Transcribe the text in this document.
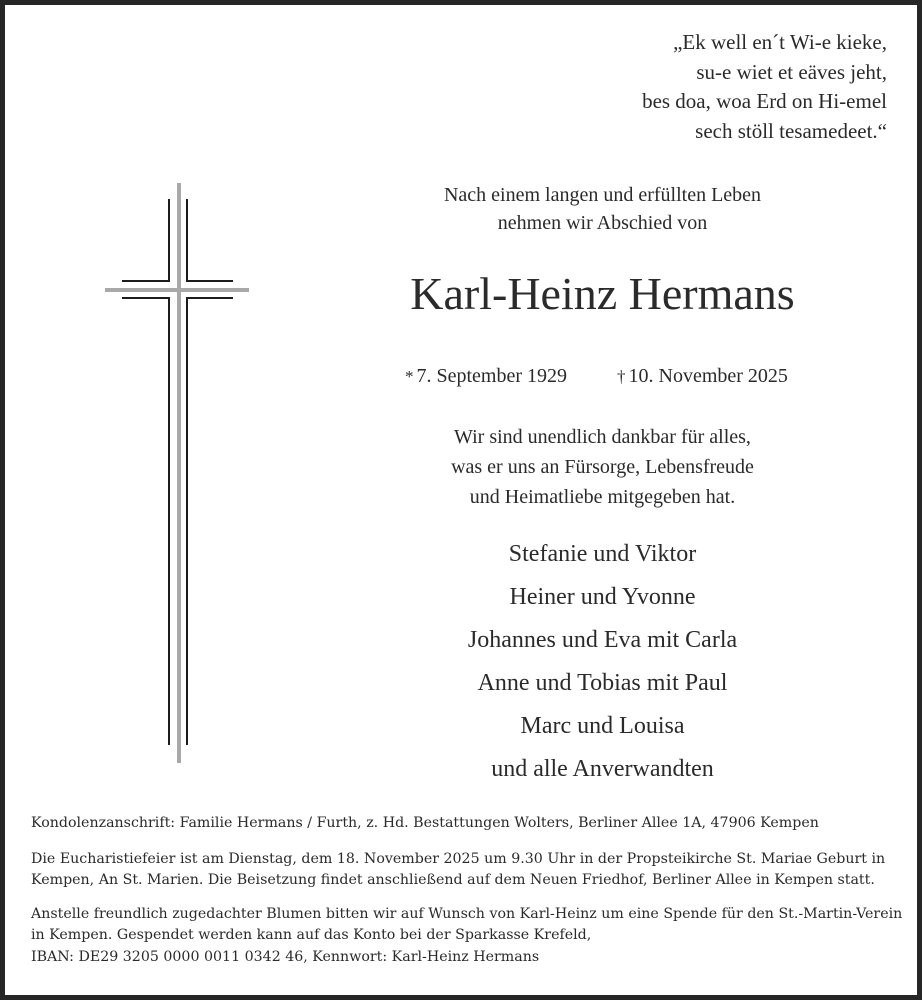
„Ek well en´t Wi-e kieke,
su-e wiet et eäves jeht,
bes doa, woa Erd on Hi-emel
sech stöll tesamedeet.“
Nach einem langen und erfüllten Leben
nehmen wir Abschied von
Karl-Heinz Hermans
* 7. September 1929	† 10. November 2025
Wir sind unendlich dankbar für alles,
was er uns an Fürsorge, Lebensfreude
und Heimatliebe mitgegeben hat.
Stefanie und Viktor
Heiner und Yvonne
Johannes und Eva mit Carla
Anne und Tobias mit Paul
Marc und Louisa
und alle Anverwandten

Kondolenzanschrift: Familie Hermans / Furth, z. Hd. Bestattungen Wolters, Berliner Allee 1A, 47906 Kempen

Die Eucharistiefeier ist am Dienstag, dem 18. November 2025 um 9.30 Uhr in der Propsteikirche St. Mariae Geburt in

Kempen, An St. Marien. Die Beisetzung findet anschließend auf dem Neuen Friedhof, Berliner Allee in Kempen statt.

Anstelle freundlich zugedachter Blumen bitten wir auf Wunsch von Karl-Heinz um eine Spende für den St.-Martin-Verein

in Kempen. Gespendet werden kann auf das Konto bei der Sparkasse Krefeld,

IBAN: DE29 3205 0000 0011 0342 46, Kennwort: Karl-Heinz Hermans
